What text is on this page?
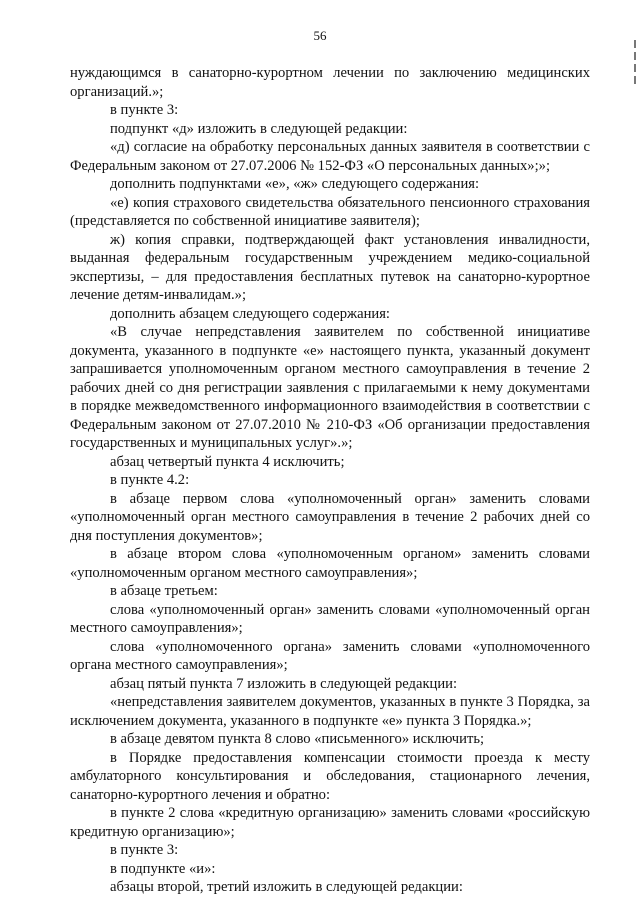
56

нуждающимся в санаторно-курортном лечении по заключению медицинских организаций.»;

в пункте 3:

подпункт «д» изложить в следующей редакции:

«д) согласие на обработку персональных данных заявителя в соответствии с Федеральным законом от 27.07.2006 № 152-ФЗ «О персональных данных»;»;

дополнить подпунктами «е», «ж» следующего содержания:

«е) копия страхового свидетельства обязательного пенсионного страхования (представляется по собственной инициативе заявителя);

ж) копия справки, подтверждающей факт установления инвалидности, выданная федеральным государственным учреждением медико-социальной экспертизы, – для предоставления бесплатных путевок на санаторно-курортное лечение детям-инвалидам.»;

дополнить абзацем следующего содержания:

«В случае непредставления заявителем по собственной инициативе документа, указанного в подпункте «е» настоящего пункта, указанный документ запрашивается уполномоченным органом местного самоуправления в течение 2 рабочих дней со дня регистрации заявления с прилагаемыми к нему документами в порядке межведомственного информационного взаимодействия в соответствии с Федеральным законом от 27.07.2010 № 210-ФЗ «Об организации предоставления государственных и муниципальных услуг».»;

абзац четвертый пункта 4 исключить;

в пункте 4.2:

в абзаце первом слова «уполномоченный орган» заменить словами «уполномоченный орган местного самоуправления в течение 2 рабочих дней со дня поступления документов»;

в абзаце втором слова «уполномоченным органом» заменить словами «уполномоченным органом местного самоуправления»;

в абзаце третьем:

слова «уполномоченный орган» заменить словами «уполномоченный орган местного самоуправления»;

слова «уполномоченного органа» заменить словами «уполномоченного органа местного самоуправления»;

абзац пятый пункта 7 изложить в следующей редакции:

«непредставления заявителем документов, указанных в пункте 3 Порядка, за исключением документа, указанного в подпункте «е» пункта 3 Порядка.»;

в абзаце девятом пункта 8 слово «письменного» исключить;

в Порядке предоставления компенсации стоимости проезда к месту амбулаторного консультирования и обследования, стационарного лечения, санаторно-курортного лечения и обратно:

в пункте 2 слова «кредитную организацию» заменить словами «российскую кредитную организацию»;

в пункте 3:

в подпункте «и»:

абзацы второй, третий изложить в следующей редакции:
